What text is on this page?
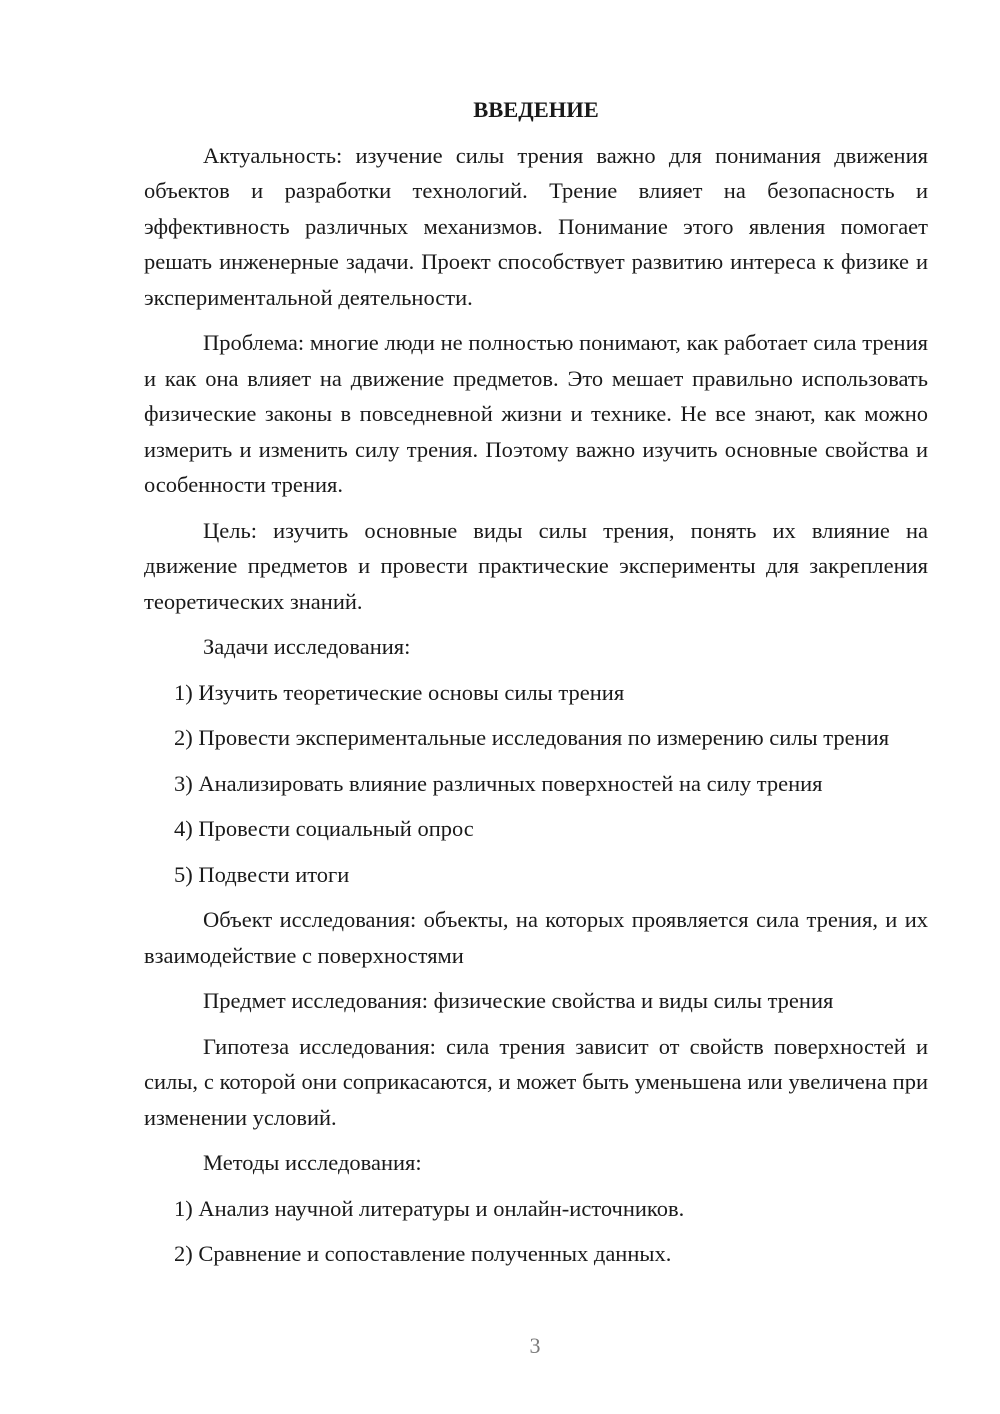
ВВЕДЕНИЕ
Актуальность: изучение силы трения важно для понимания движения объектов и разработки технологий. Трение влияет на безопасность и эффективность различных механизмов. Понимание этого явления помогает решать инженерные задачи. Проект способствует развитию интереса к физике и экспериментальной деятельности.
Проблема: многие люди не полностью понимают, как работает сила трения и как она влияет на движение предметов. Это мешает правильно использовать физические законы в повседневной жизни и технике. Не все знают, как можно измерить и изменить силу трения. Поэтому важно изучить основные свойства и особенности трения.
Цель: изучить основные виды силы трения, понять их влияние на движение предметов и провести практические эксперименты для закрепления теоретических знаний.
Задачи исследования:
1) Изучить теоретические основы силы трения
2) Провести экспериментальные исследования по измерению силы трения
3) Анализировать влияние различных поверхностей на силу трения
4) Провести социальный опрос
5) Подвести итоги
Объект исследования: объекты, на которых проявляется сила трения, и их взаимодействие с поверхностями
Предмет исследования: физические свойства и виды силы трения
Гипотеза исследования: сила трения зависит от свойств поверхностей и силы, с которой они соприкасаются, и может быть уменьшена или увеличена при изменении условий.
Методы исследования:
1) Анализ научной литературы и онлайн-источников.
2) Сравнение и сопоставление полученных данных.
3
